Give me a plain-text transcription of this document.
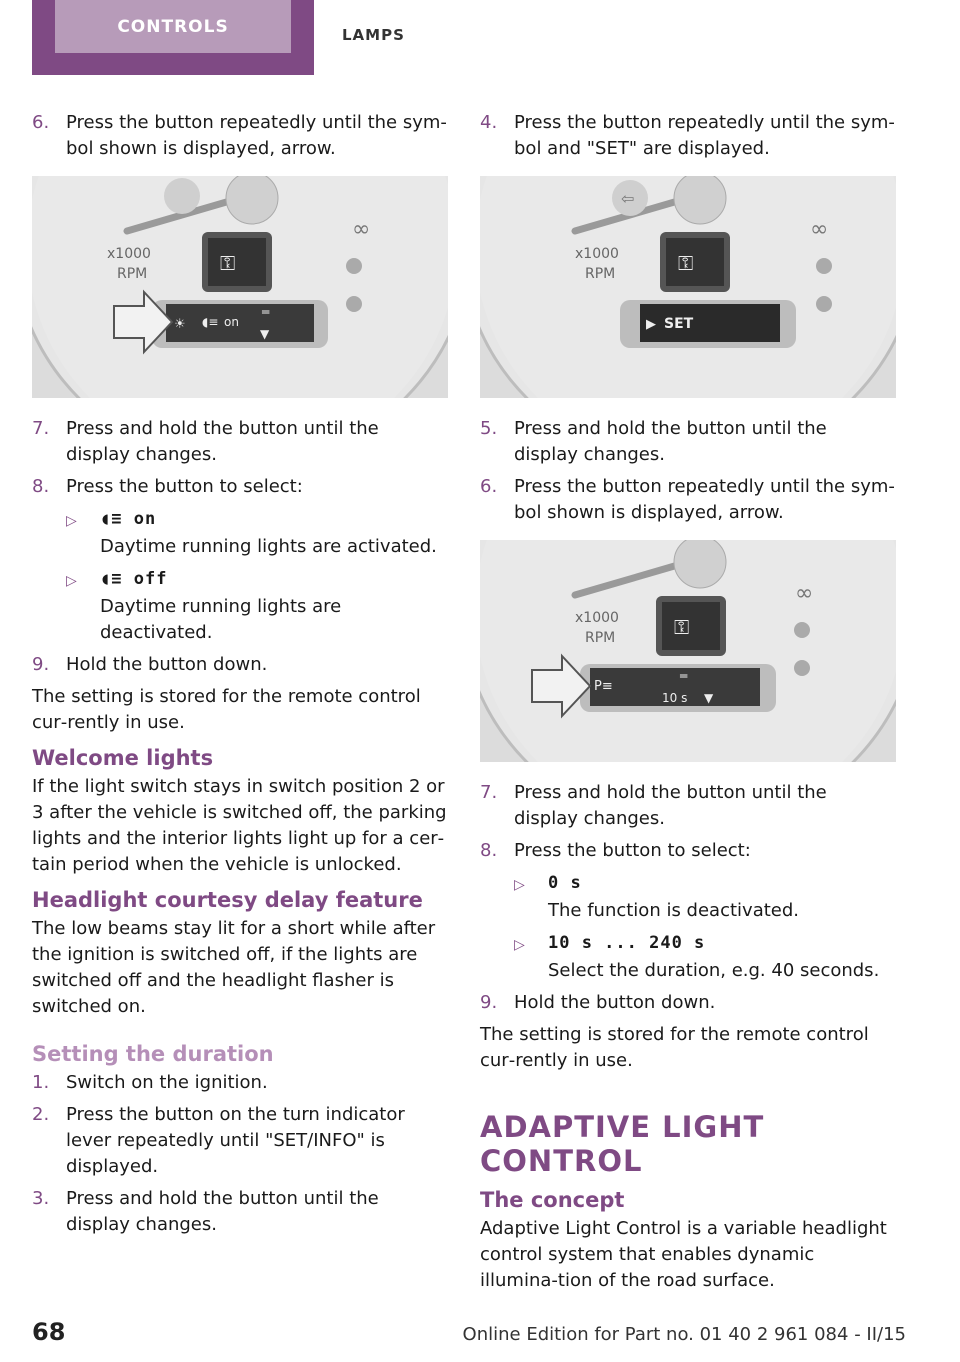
CONTROLS	LAMPS
6. Press the button repeatedly until the sym‐bol shown is displayed, arrow.
x1000
RPM
∞
⚿
☀ ◖≡ on
═
▼
7. Press and hold the button until the display changes.
8. Press the button to select:
▷	◖≡ on
Daytime running lights are activated.
▷	◖≡ off
Daytime running lights are deactivated.
9. Hold the button down.
The setting is stored for the remote control cur‐rently in use.
Welcome lights
If the light switch stays in switch position 2 or 3 after the vehicle is switched off, the parking lights and the interior lights light up for a cer‐tain period when the vehicle is unlocked.
Headlight courtesy delay feature
The low beams stay lit for a short while after the ignition is switched off, if the lights are switched off and the headlight flasher is switched on.
Setting the duration
1. Switch on the ignition.
2. Press the button on the turn indicator lever repeatedly until "SET/INFO" is displayed.
3. Press and hold the button until the display changes.
4. Press the button repeatedly until the sym‐bol and "SET" are displayed.
⇦
x1000
RPM
∞
⚿
▶ SET
5. Press and hold the button until the display changes.
6. Press the button repeatedly until the sym‐bol shown is displayed, arrow.
x1000
RPM
∞
⚿
P≡
10 s
═
▼
7. Press and hold the button until the display changes.
8. Press the button to select:
▷	0 s
The function is deactivated.
▷	10 s ... 240 s
Select the duration, e.g. 40 seconds.
9. Hold the button down.
The setting is stored for the remote control cur‐rently in use.
ADAPTIVE LIGHT CONTROL
The concept
Adaptive Light Control is a variable headlight control system that enables dynamic illumina‐tion of the road surface.
68	Online Edition for Part no. 01 40 2 961 084 - II/15
